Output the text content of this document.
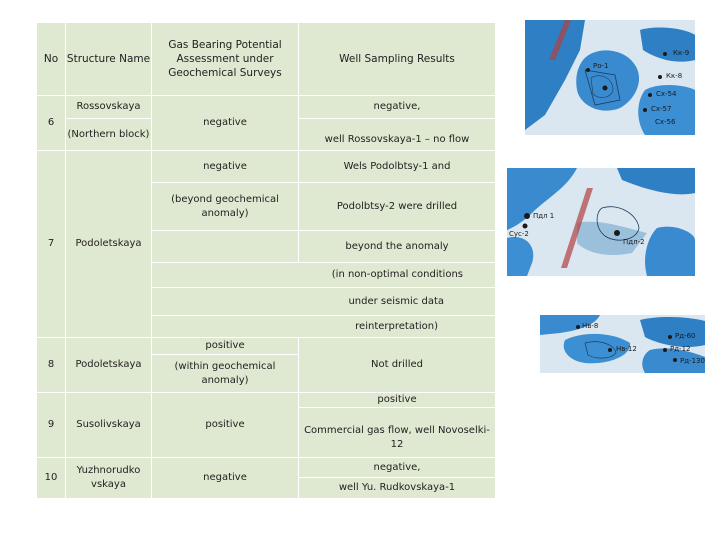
No Structure Name
Gas Bearing Potential Assessment under Geochemical Surveys
Well Sampling Results
6
Rossovskaya
(Northern block)
negative
negative,
well Rossovskaya-1 – no flow
7 Podoletskaya
negative
(beyond geochemical anomaly)
Wels Podolbtsy-1 and
Podolbtsy-2 were drilled
beyond the anomaly
(in non-optimal conditions
under seismic data
reinterpretation)
8 Podoletskaya
positive
(within geochemical anomaly)
Not drilled
9 Susolivskaya	positive
positive
Commercial gas flow, well Novoselki-12
10
Yuzhnorudkovskaya
negative
negative,
well Yu. Rudkovskaya-1
Кк-9
Кк-8
Сх-54
Сх-57
Сх-56
Ро-1
Пдл 1
Сус-2
Пдл-2
Нв-8
Нв-12
Рд-60
Рд-12
Рд-130
